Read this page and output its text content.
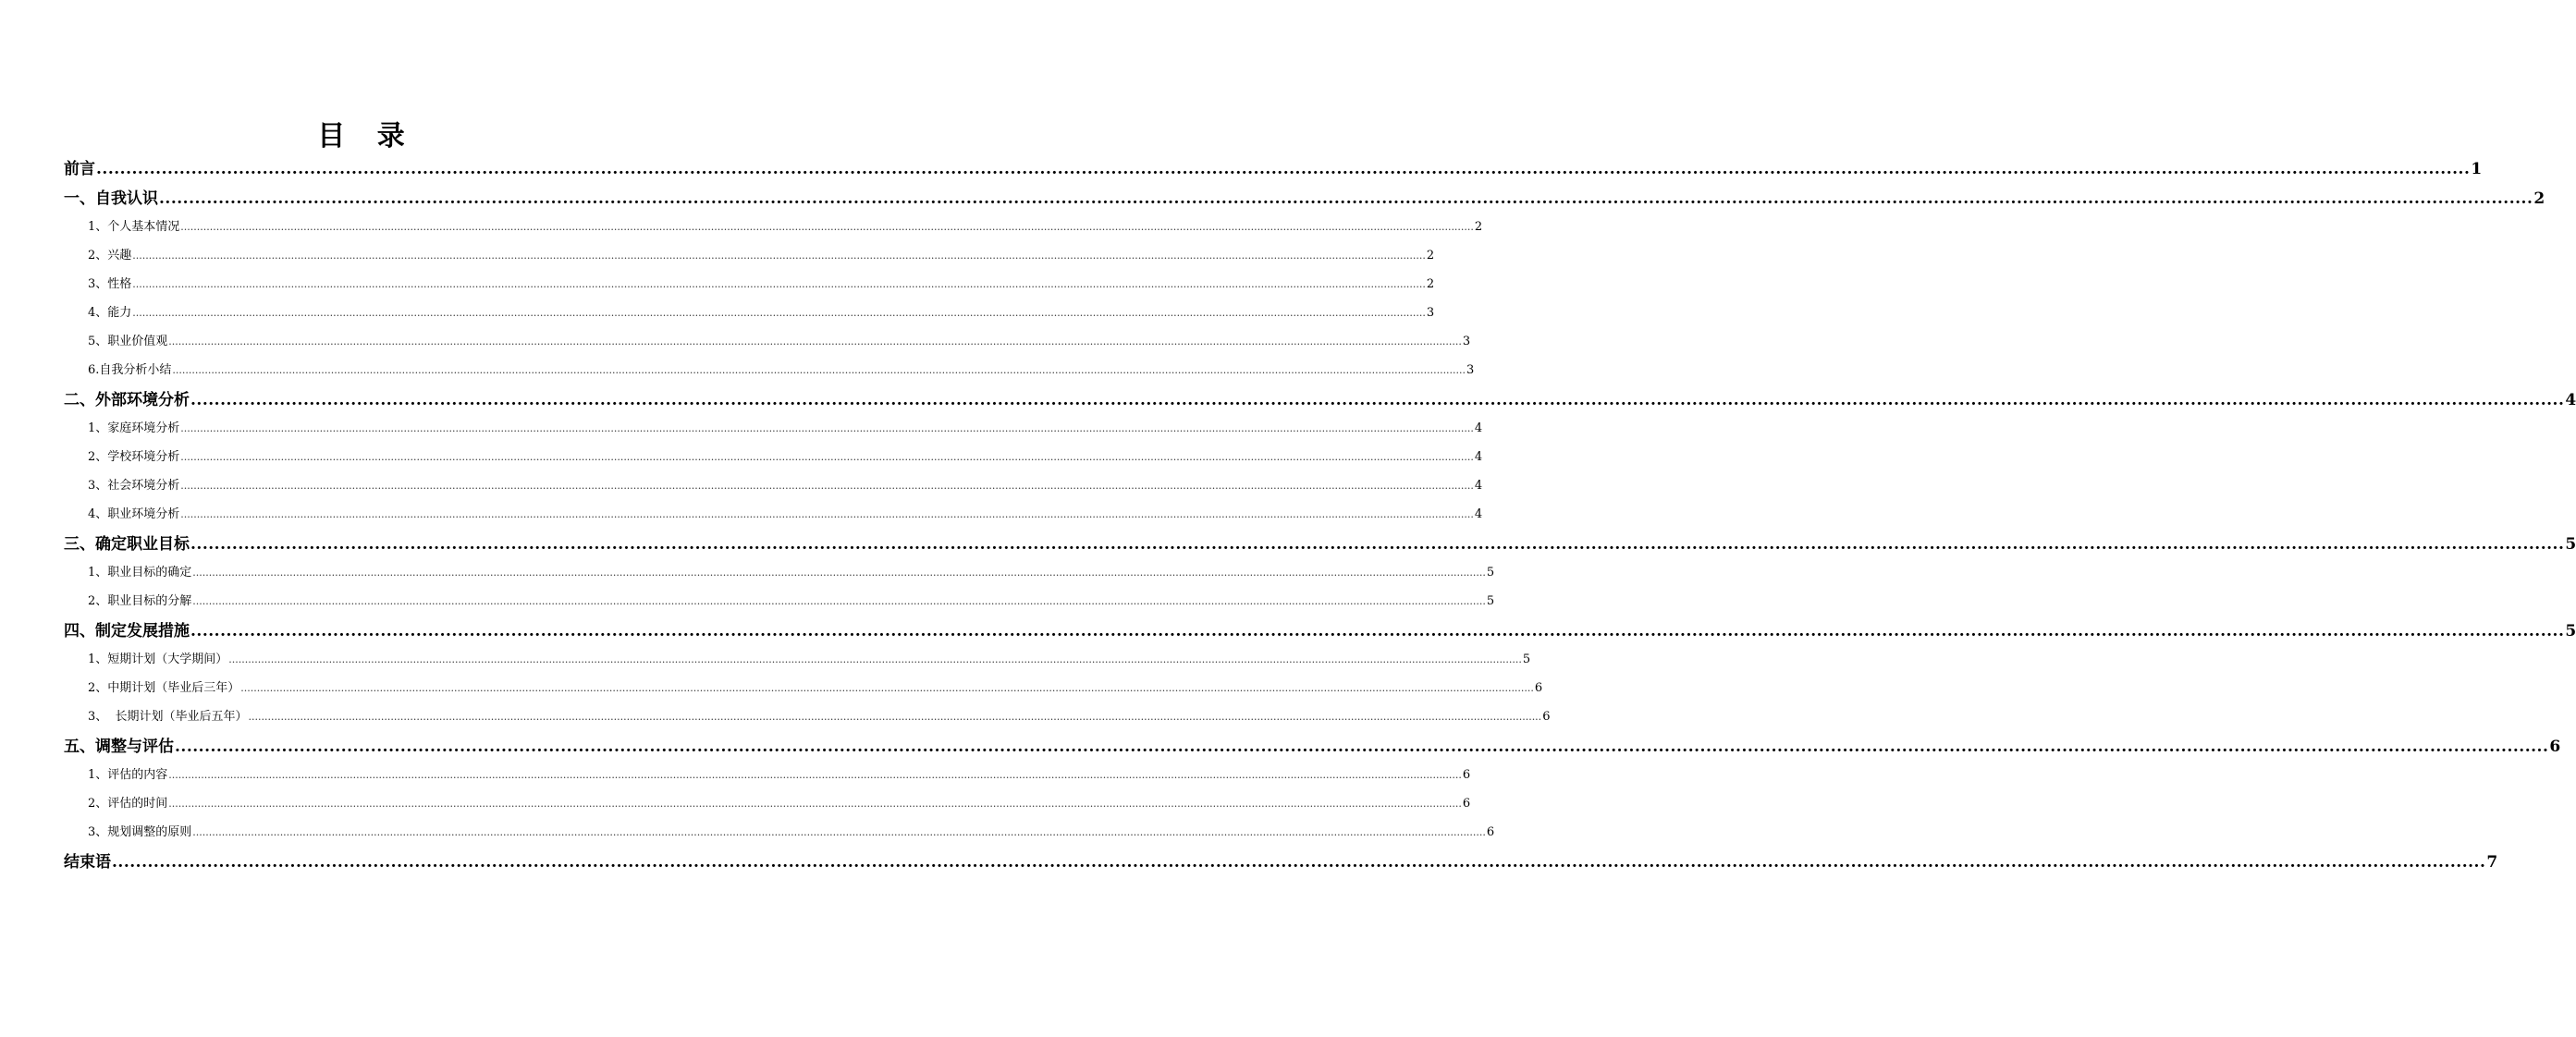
目 录
前言 ................................................................................................................................................................................................................................................................................................................................................................................................................ 1
一、自我认识 ................................................................................................................................................................................................................................................................................................................................................................................................................ 2
1、个人基本情况 ................................................................................................................................................................................................................................................................................................................................................................................................................ 2
2、兴趣 ................................................................................................................................................................................................................................................................................................................................................................................................................ 2
3、性格 ................................................................................................................................................................................................................................................................................................................................................................................................................ 2
4、能力 ................................................................................................................................................................................................................................................................................................................................................................................................................ 3
5、职业价值观 ................................................................................................................................................................................................................................................................................................................................................................................................................ 3
6.自我分析小结 ................................................................................................................................................................................................................................................................................................................................................................................................................ 3
二、外部环境分析 ................................................................................................................................................................................................................................................................................................................................................................................................................ 4
1、家庭环境分析 ................................................................................................................................................................................................................................................................................................................................................................................................................ 4
2、学校环境分析 ................................................................................................................................................................................................................................................................................................................................................................................................................ 4
3、社会环境分析 ................................................................................................................................................................................................................................................................................................................................................................................................................ 4
4、职业环境分析 ................................................................................................................................................................................................................................................................................................................................................................................................................ 4
三、确定职业目标 ................................................................................................................................................................................................................................................................................................................................................................................................................ 5
1、职业目标的确定 ................................................................................................................................................................................................................................................................................................................................................................................................................ 5
2、职业目标的分解 ................................................................................................................................................................................................................................................................................................................................................................................................................ 5
四、制定发展措施 ................................................................................................................................................................................................................................................................................................................................................................................................................ 5
1、短期计划（大学期间） ................................................................................................................................................................................................................................................................................................................................................................................................................ 5
2、中期计划（毕业后三年） ................................................................................................................................................................................................................................................................................................................................................................................................................ 6
3、  长期计划（毕业后五年） ................................................................................................................................................................................................................................................................................................................................................................................................................ 6
五、调整与评估 ................................................................................................................................................................................................................................................................................................................................................................................................................ 6
1、评估的内容 ................................................................................................................................................................................................................................................................................................................................................................................................................ 6
2、评估的时间 ................................................................................................................................................................................................................................................................................................................................................................................................................ 6
3、规划调整的原则 ................................................................................................................................................................................................................................................................................................................................................................................................................ 6
结束语 ................................................................................................................................................................................................................................................................................................................................................................................................................ 7
